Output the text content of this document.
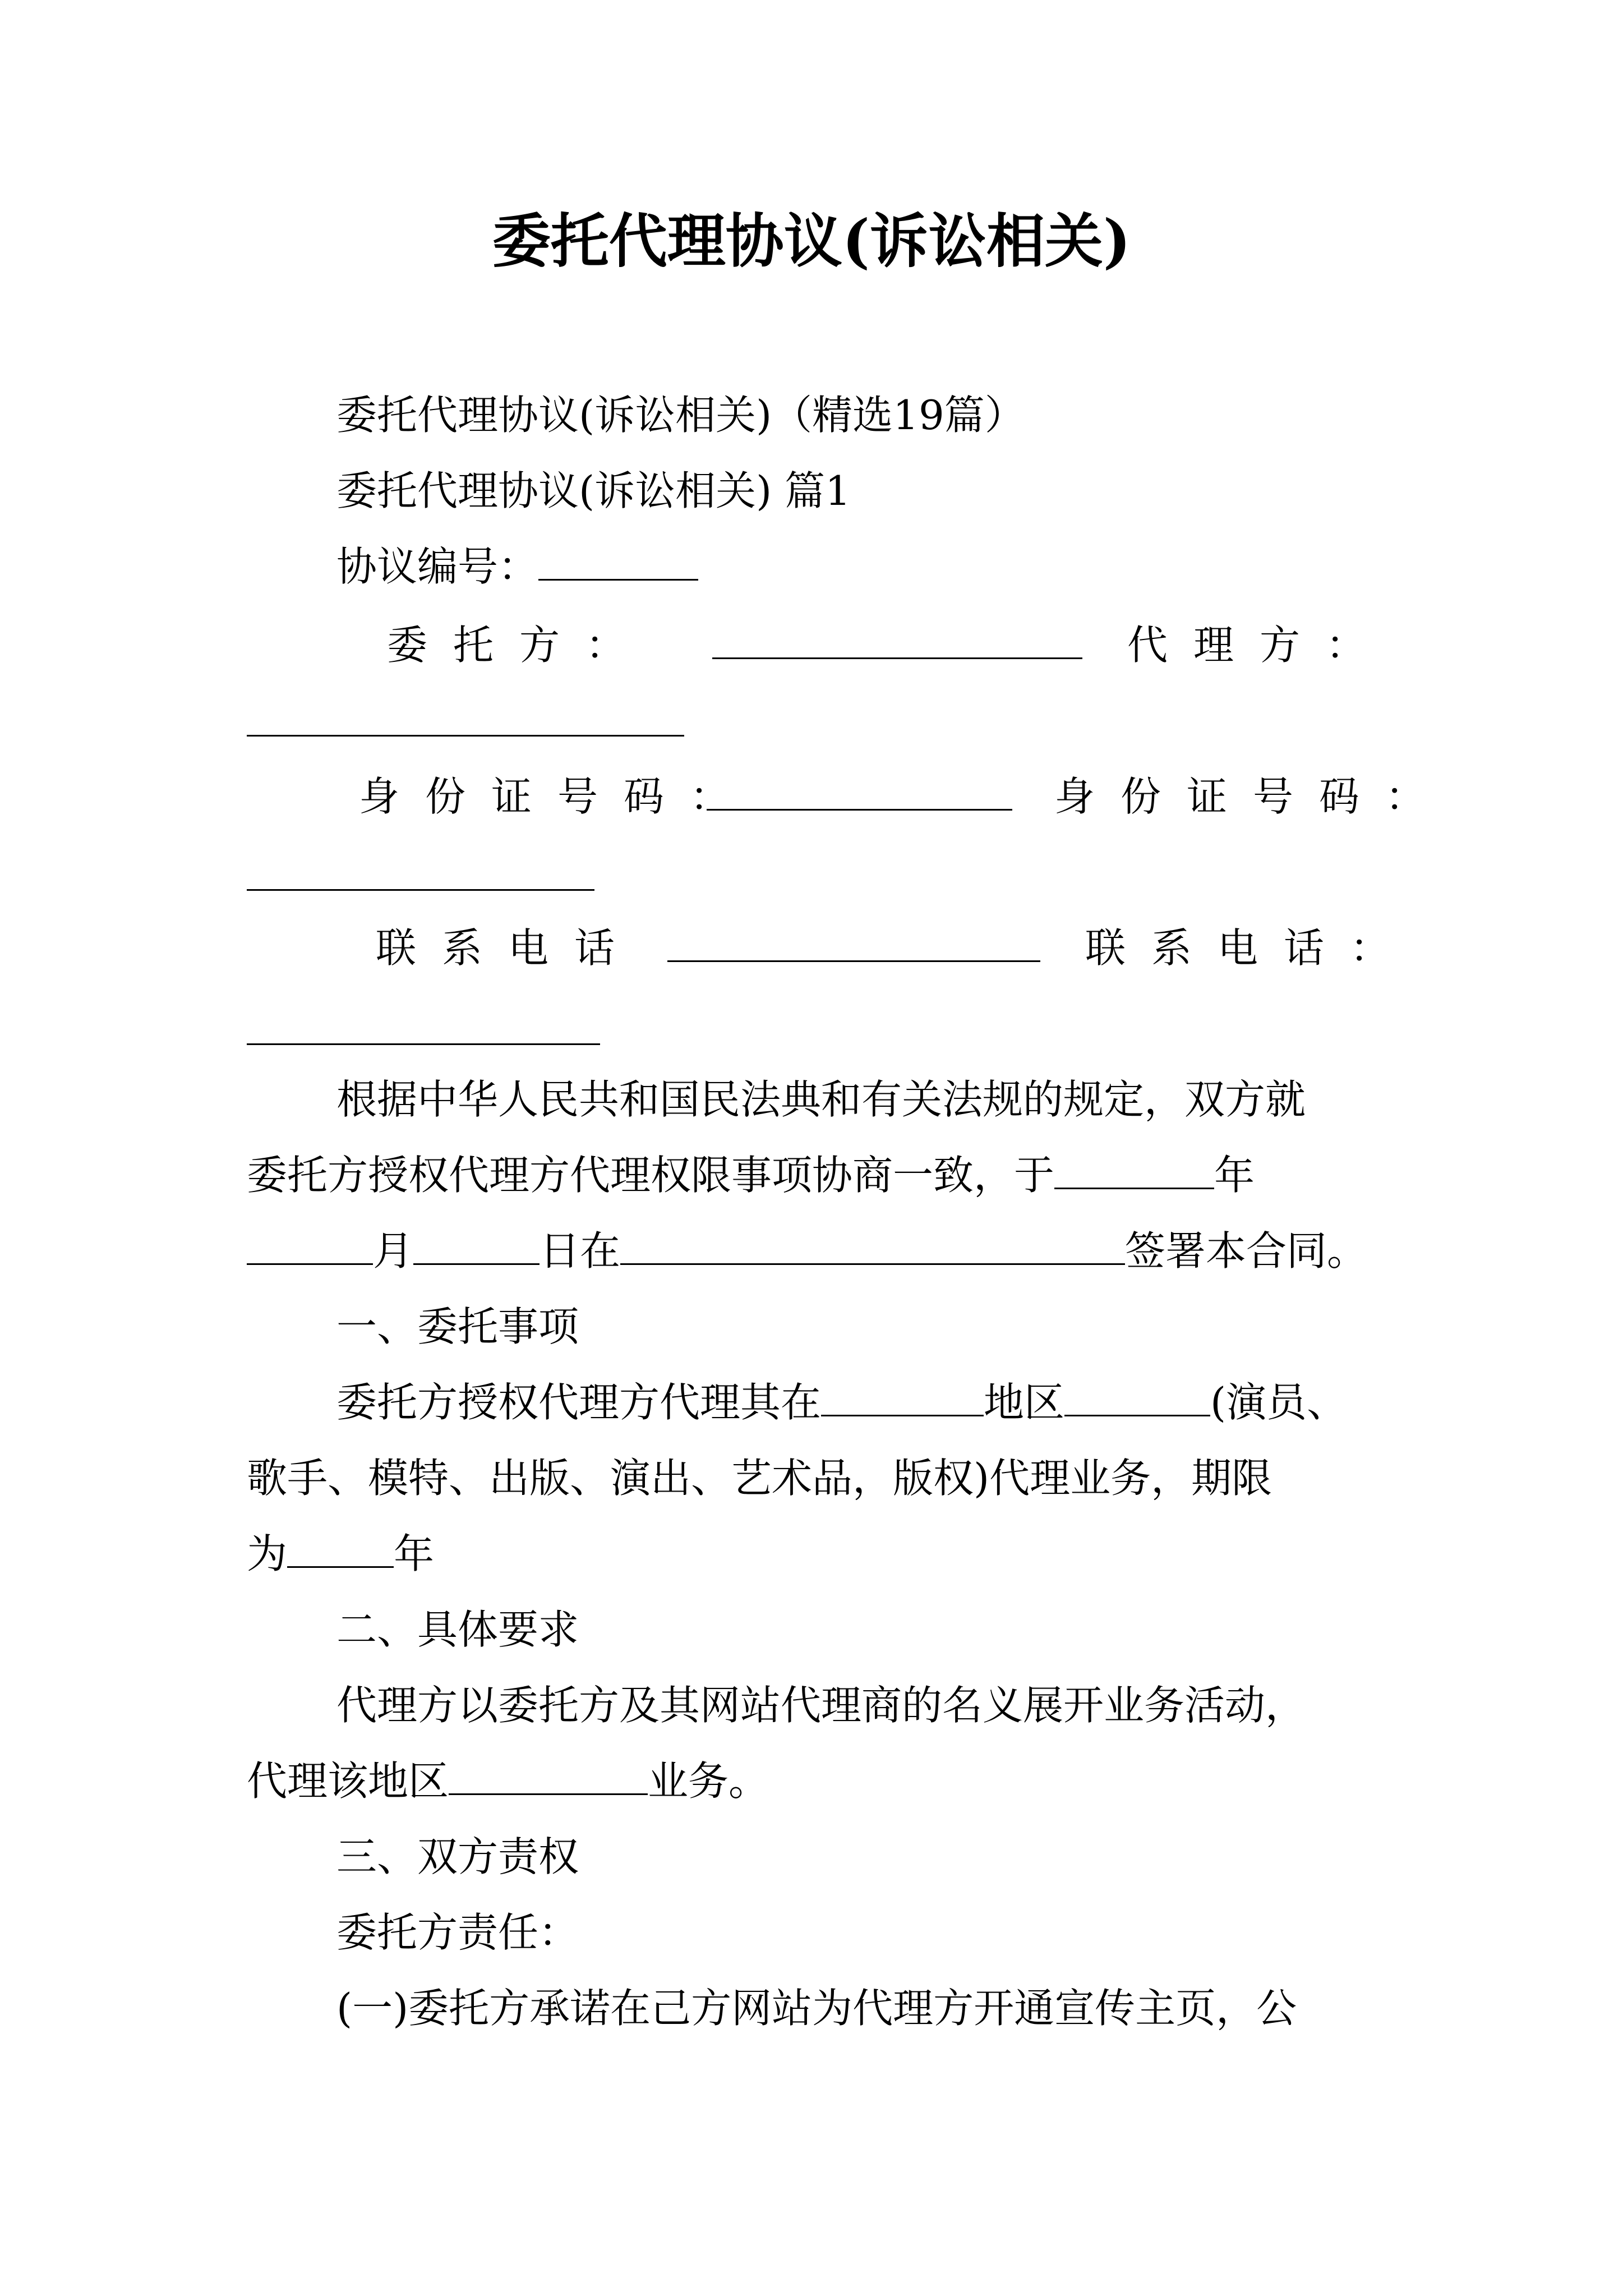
委托代理协议(诉讼相关)
委托代理协议(诉讼相关)（精选19篇）
委托代理协议(诉讼相关) 篇1
协议编号：
委托方：	代理方：
身份证号码：	身份证号码：
联系电话	联系电话：
根据中华人民共和国民法典和有关法规的规定，双方就
委托方授权代理方代理权限事项协商一致，于	年
月	日在	签署本合同。
一、委托事项
委托方授权代理方代理其在	地区	(演员、
歌手、模特、出版、演出、艺术品，版权)代理业务，期限
为	年
二、具体要求
代理方以委托方及其网站代理商的名义展开业务活动，
代理该地区	业务。
三、双方责权
委托方责任：
(一)委托方承诺在己方网站为代理方开通宣传主页，公
